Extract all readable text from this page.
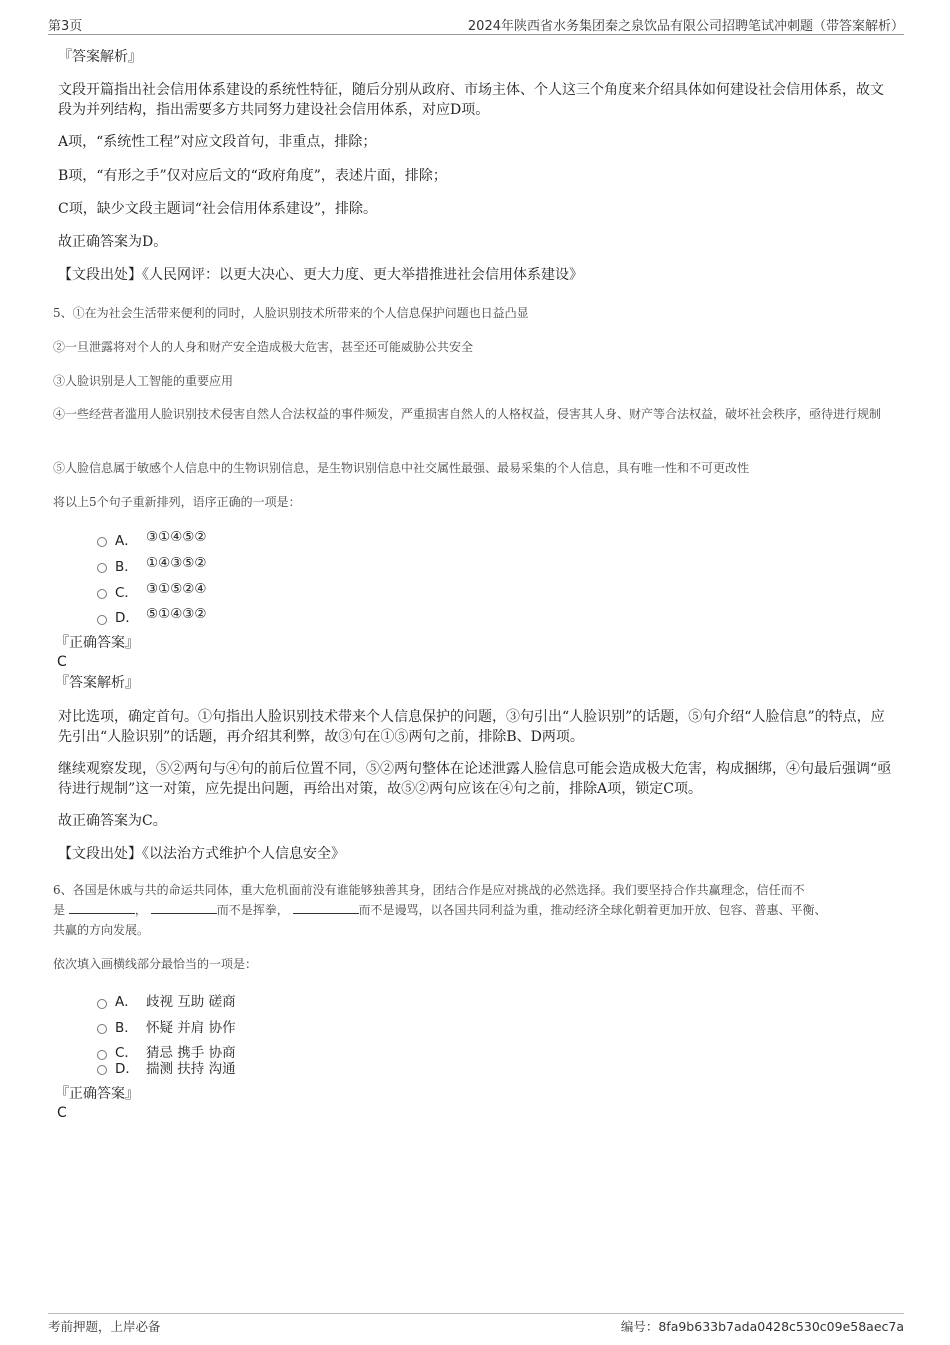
第3页	2024年陕西省水务集团秦之泉饮品有限公司招聘笔试冲刺题（带答案解析）
『答案解析』
文段开篇指出社会信用体系建设的系统性特征，随后分别从政府、市场主体、个人这三个角度来介绍具体如何建设社会信用体系，故文段为并列结构，指出需要多方共同努力建设社会信用体系，对应D项。
A项，“系统性工程”对应文段首句，非重点，排除；
B项，“有形之手”仅对应后文的“政府角度”，表述片面，排除；
C项，缺少文段主题词“社会信用体系建设”，排除。
故正确答案为D。
【文段出处】《人民网评：以更大决心、更大力度、更大举措推进社会信用体系建设》
5、①在为社会生活带来便利的同时，人脸识别技术所带来的个人信息保护问题也日益凸显
②一旦泄露将对个人的人身和财产安全造成极大危害，甚至还可能威胁公共安全
③人脸识别是人工智能的重要应用
④一些经营者滥用人脸识别技术侵害自然人合法权益的事件频发，严重损害自然人的人格权益，侵害其人身、财产等合法权益，破坏社会秩序，亟待进行规制
⑤人脸信息属于敏感个人信息中的生物识别信息，是生物识别信息中社交属性最强、最易采集的个人信息，具有唯一性和不可更改性
将以上5个句子重新排列，语序正确的一项是：
A． ③①④⑤②
B． ①④③⑤②
C． ③①⑤②④
D． ⑤①④③②
『正确答案』
C
『答案解析』
对比选项，确定首句。①句指出人脸识别技术带来个人信息保护的问题，③句引出“人脸识别”的话题，⑤句介绍“人脸信息”的特点，应先引出“人脸识别”的话题，再介绍其利弊，故③句在①⑤两句之前，排除B、D两项。
继续观察发现，⑤②两句与④句的前后位置不同，⑤②两句整体在论述泄露人脸信息可能会造成极大危害，构成捆绑，④句最后强调“亟待进行规制”这一对策，应先提出问题，再给出对策，故⑤②两句应该在④句之前，排除A项，锁定C项。
故正确答案为C。
【文段出处】《以法治方式维护个人信息安全》
6、各国是休戚与共的命运共同体，重大危机面前没有谁能够独善其身，团结合作是应对挑战的必然选择。我们要坚持合作共赢理念，信任而不
是	，	而不是挥拳，	而不是谩骂，以各国共同利益为重，推动经济全球化朝着更加开放、包容、普惠、平衡、
共赢的方向发展。
依次填入画横线部分最恰当的一项是：
A． 歧视 互助 磋商
B． 怀疑 并肩 协作
C． 猜忌 携手 协商
D． 揣测 扶持 沟通
『正确答案』
C
考前押题，上岸必备	编号：8fa9b633b7ada0428c530c09e58aec7a
